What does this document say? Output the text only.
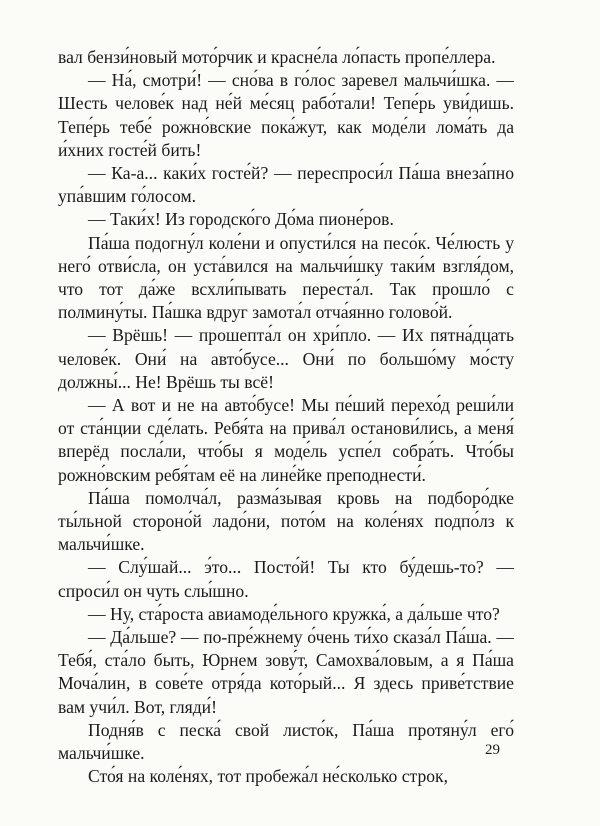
вал бензи́новый мото́рчик и красне́ла ло́пасть пропе́ллера.

— На́, смотри́! — сно́ва в го́лос заревел мальчи́шка. — Шесть челове́к над не́й ме́сяц рабо́тали! Тепе́рь уви́дишь. Тепе́рь тебе́ рожно́вские пока́жут, как моде́ли лома́ть да и́хних госте́й бить!

— Ка-а... каки́х госте́й? — переспроси́л Па́ша внеза́пно упа́вшим го́лосом.

— Таки́х! Из городско́го До́ма пионе́ров.

Па́ша подогну́л коле́ни и опусти́лся на песо́к. Че́люсть у него́ отви́сла, он уста́вился на мальчи́шку таки́м взгля́дом, что тот да́же всхли́пывать переста́л. Так прошло́ с полмину́ты. Па́шка вдруг замота́л отча́янно голово́й.

— Врёшь! — прошепта́л он хри́пло. — Их пятна́дцать челове́к. Они́ на авто́бусе... Они́ по большо́му мо́сту должны́... Не! Врёшь ты всё!

— А вот и не на авто́бусе! Мы пе́ший перехо́д реши́ли от ста́нции сде́лать. Ребя́та на прива́л останови́лись, а меня́ вперёд посла́ли, что́бы я моде́ль успе́л собра́ть. Что́бы рожно́вским ребя́там её на лине́йке преподнести́.

Па́ша помолча́л, разма́зывая кровь на подборо́дке ты́льной стороно́й ладо́ни, пото́м на коле́нях подпо́лз к мальчи́шке.

— Слу́шай... э́то... Посто́й! Ты кто бу́дешь-то? — спроси́л он чуть слы́шно.

— Ну, ста́роста авиамоде́льного кружка́, а да́льше что?

— Да́льше? — по-пре́жнему о́чень ти́хо сказа́л Па́ша. — Тебя́, ста́ло быть, Юрнем зову́т, Самохва́ловым, а я Па́ша Моча́лин, в сове́те отря́да кото́рый... Я здесь приве́тствие вам учи́л. Вот, гляди́!

Подня́в с песка́ свой листо́к, Па́ша протяну́л его́ мальчи́шке.

Сто́я на коле́нях, тот пробежа́л не́сколько строк,

29
